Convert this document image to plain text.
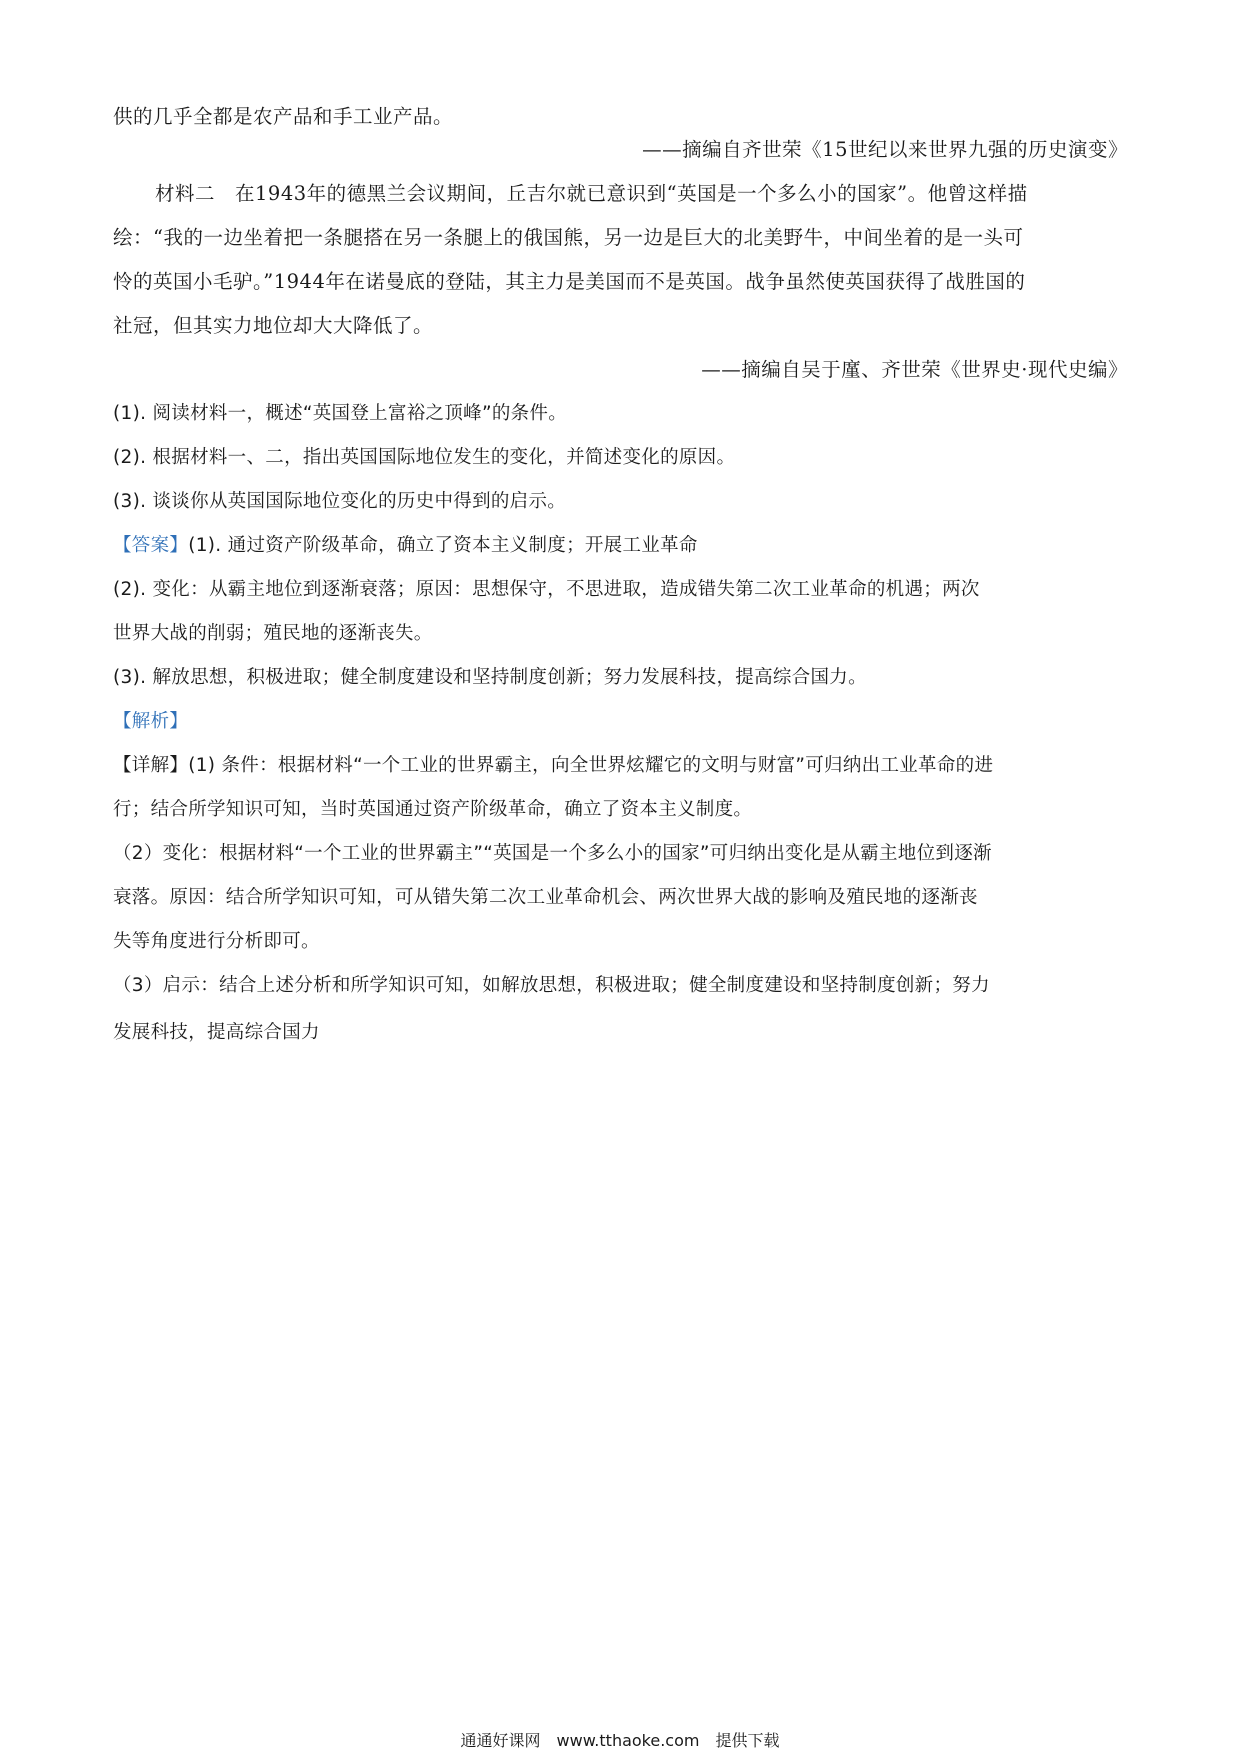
供的几乎全都是农产品和手工业产品。
——摘编自齐世荣《15世纪以来世界九强的历史演变》
材料二　在1943年的德黑兰会议期间，丘吉尔就已意识到“英国是一个多么小的国家”。他曾这样描
绘：“我的一边坐着把一条腿搭在另一条腿上的俄国熊，另一边是巨大的北美野牛，中间坐着的是一头可
怜的英国小毛驴。”1944年在诺曼底的登陆，其主力是美国而不是英国。战争虽然使英国获得了战胜国的
社冠，但其实力地位却大大降低了。
——摘编自吴于廑、齐世荣《世界史·现代史编》
(1). 阅读材料一，概述“英国登上富裕之顶峰”的条件。
(2). 根据材料一、二，指出英国国际地位发生的变化，并简述变化的原因。
(3). 谈谈你从英国国际地位变化的历史中得到的启示。
【答案】(1). 通过资产阶级革命，确立了资本主义制度；开展工业革命
(2). 变化：从霸主地位到逐渐衰落；原因：思想保守，不思进取，造成错失第二次工业革命的机遇；两次
世界大战的削弱；殖民地的逐渐丧失。
(3). 解放思想，积极进取；健全制度建设和坚持制度创新；努力发展科技，提高综合国力。
【解析】
【详解】(1) 条件：根据材料“一个工业的世界霸主，向全世界炫耀它的文明与财富”可归纳出工业革命的进
行；结合所学知识可知，当时英国通过资产阶级革命，确立了资本主义制度。
（2）变化：根据材料“一个工业的世界霸主”“英国是一个多么小的国家”可归纳出变化是从霸主地位到逐渐
衰落。原因：结合所学知识可知，可从错失第二次工业革命机会、两次世界大战的影响及殖民地的逐渐丧
失等角度进行分析即可。
（3）启示：结合上述分析和所学知识可知，如解放思想，积极进取；健全制度建设和坚持制度创新；努力
发展科技，提高综合国力
通通好课网　www.tthaoke.com　提供下载
